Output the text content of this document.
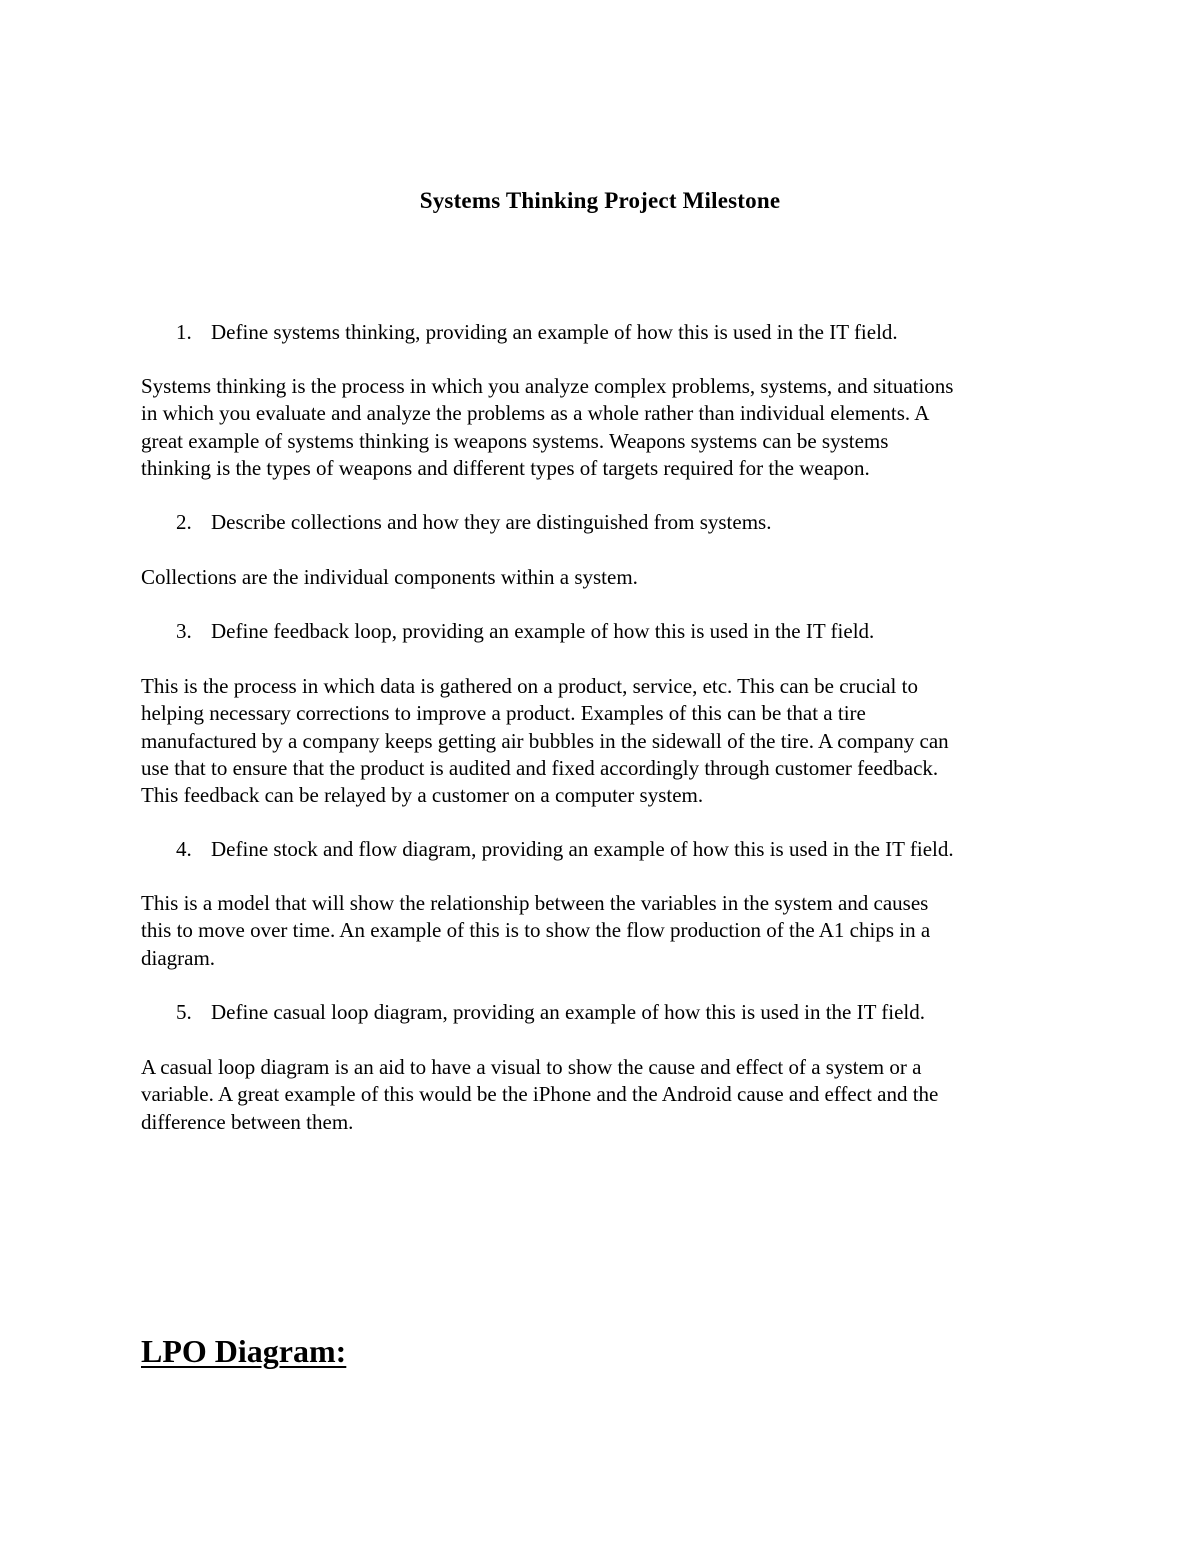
Systems Thinking Project Milestone
1. Define systems thinking, providing an example of how this is used in the IT field.
Systems thinking is the process in which you analyze complex problems, systems, and situations
in which you evaluate and analyze the problems as a whole rather than individual elements. A
great example of systems thinking is weapons systems. Weapons systems can be systems
thinking is the types of weapons and different types of targets required for the weapon.
2. Describe collections and how they are distinguished from systems.
Collections are the individual components within a system.
3. Define feedback loop, providing an example of how this is used in the IT field.
This is the process in which data is gathered on a product, service, etc. This can be crucial to
helping necessary corrections to improve a product. Examples of this can be that a tire
manufactured by a company keeps getting air bubbles in the sidewall of the tire. A company can
use that to ensure that the product is audited and fixed accordingly through customer feedback.
This feedback can be relayed by a customer on a computer system.
4. Define stock and flow diagram, providing an example of how this is used in the IT field.
This is a model that will show the relationship between the variables in the system and causes
this to move over time. An example of this is to show the flow production of the A1 chips in a
diagram.
5. Define casual loop diagram, providing an example of how this is used in the IT field.
A casual loop diagram is an aid to have a visual to show the cause and effect of a system or a
variable. A great example of this would be the iPhone and the Android cause and effect and the
difference between them.
LPO Diagram:
